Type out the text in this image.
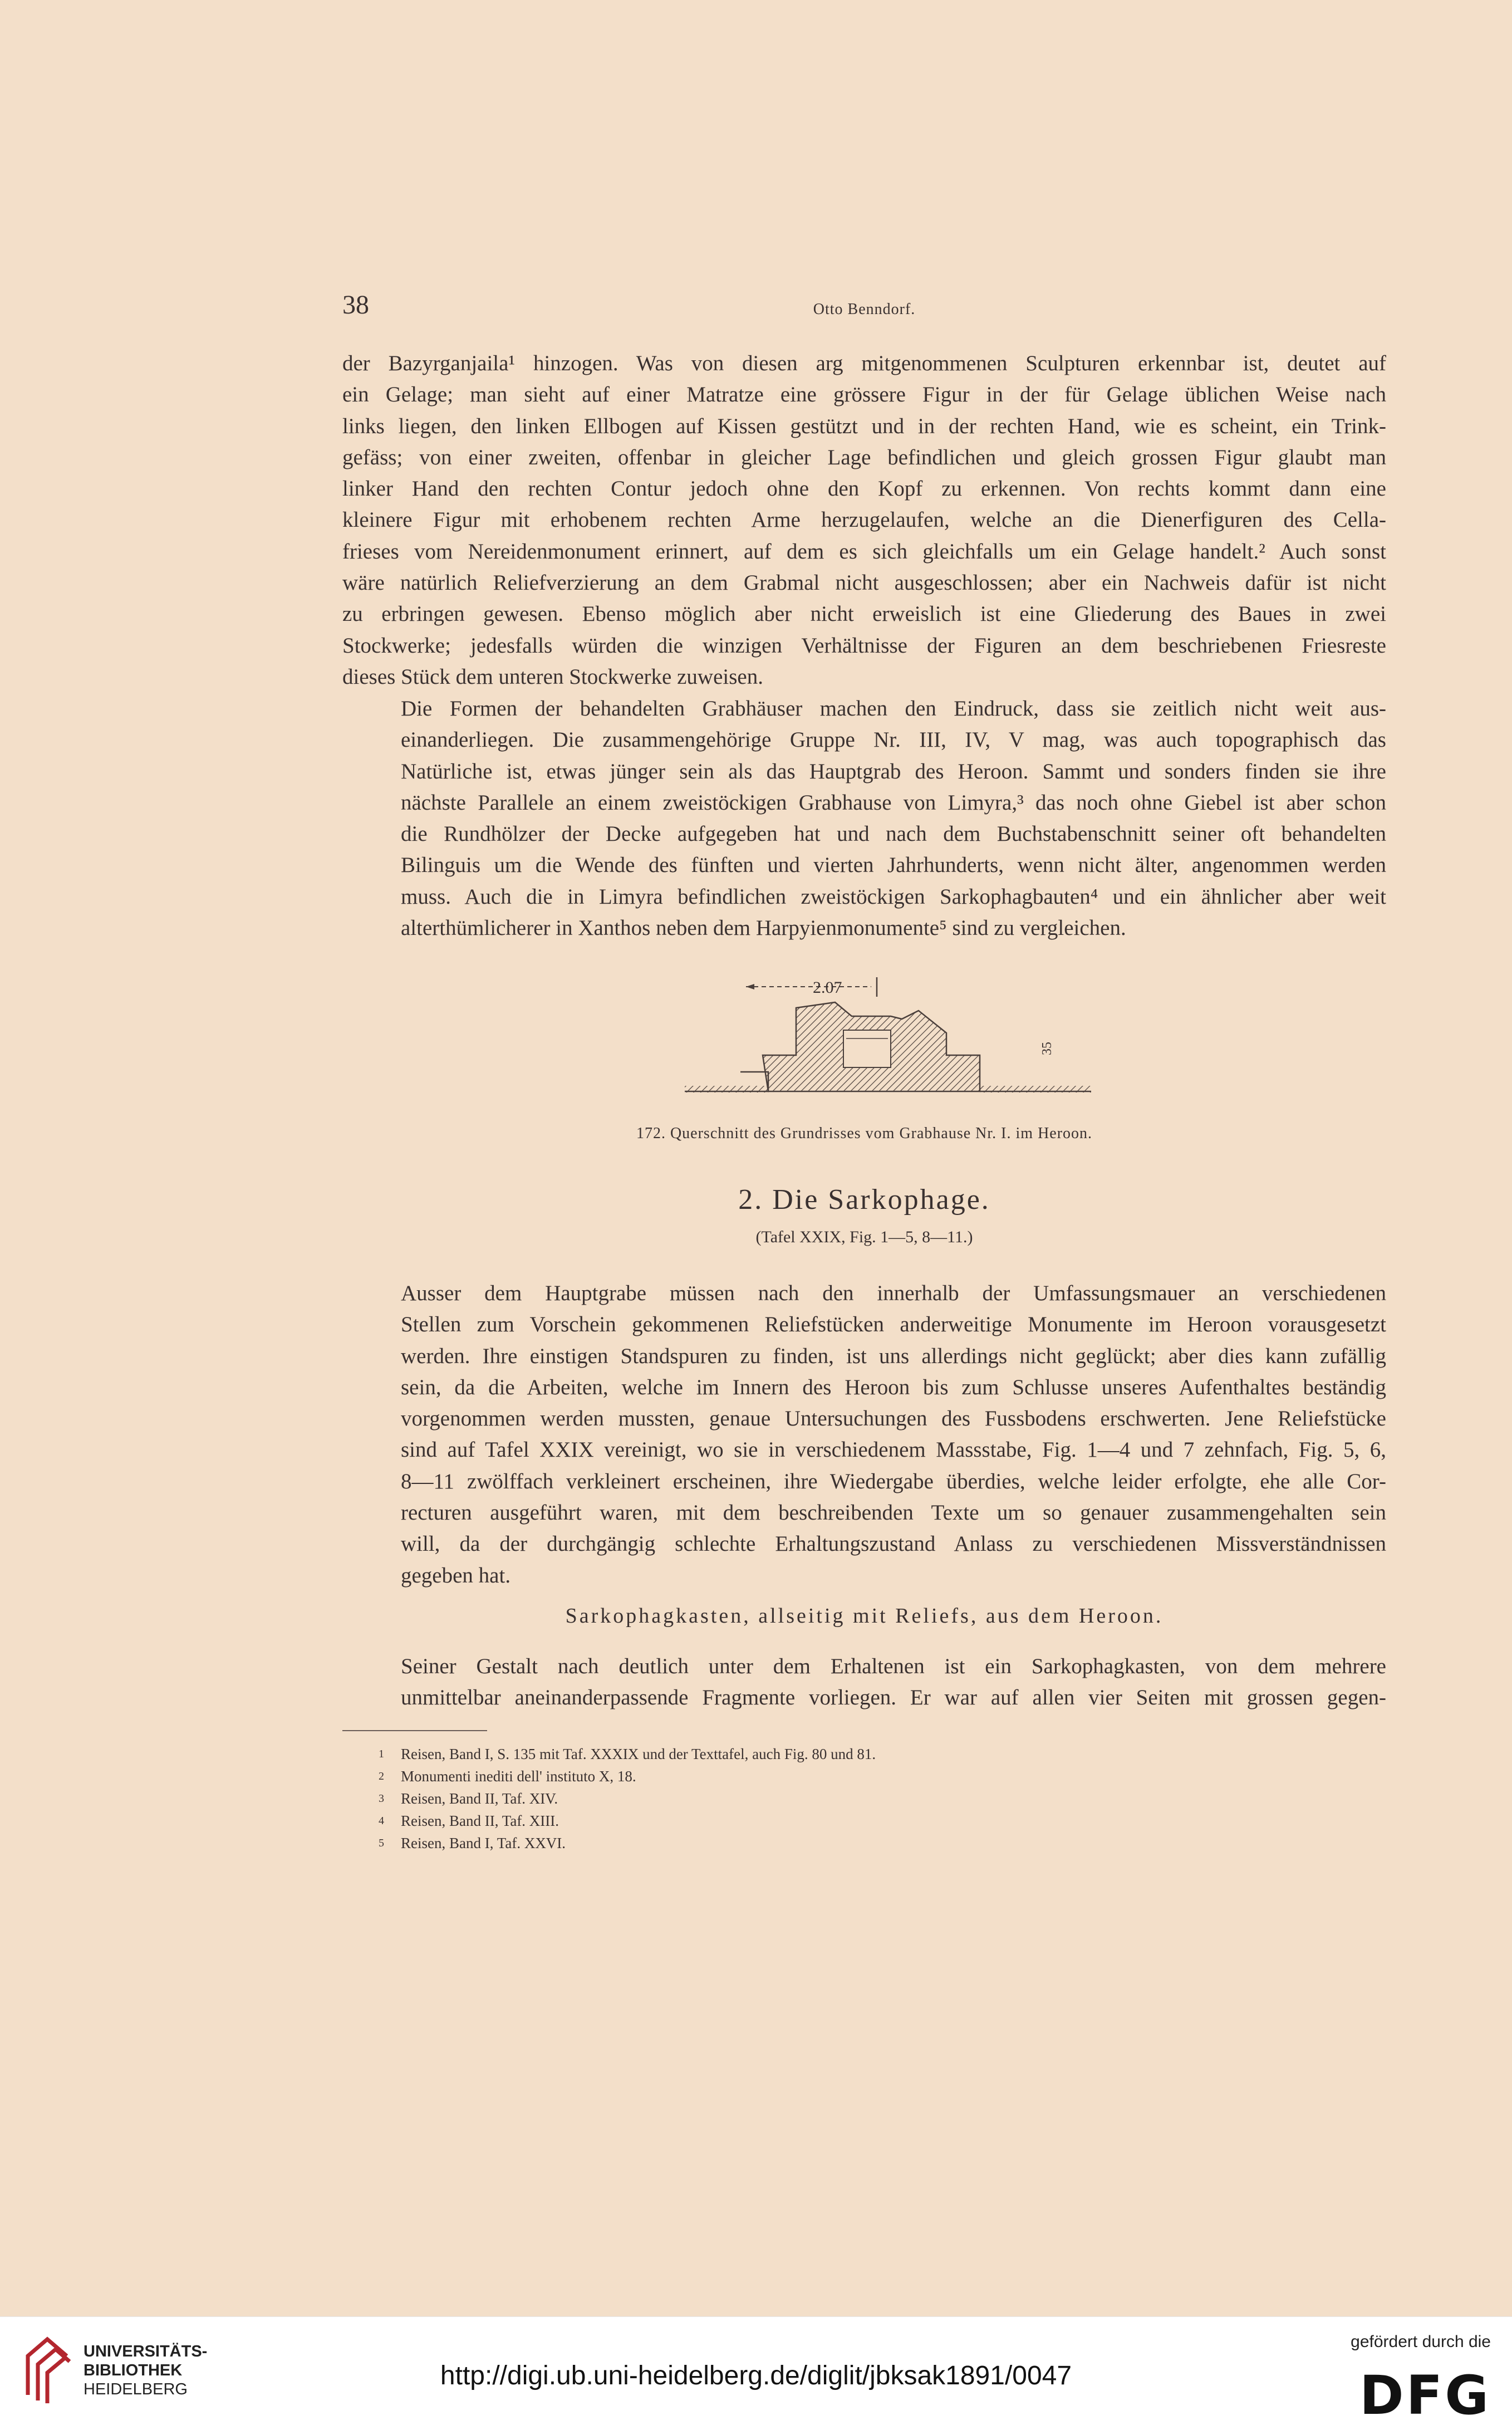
38	Otto Benndorf.

der Bazyrganjaila¹ hinzogen. Was von diesen arg mitgenommenen Sculpturen erkennbar ist, deutet auf
ein Gelage; man sieht auf einer Matratze eine grössere Figur in der für Gelage üblichen Weise nach
links liegen, den linken Ellbogen auf Kissen gestützt und in der rechten Hand, wie es scheint, ein Trink-
gefäss; von einer zweiten, offenbar in gleicher Lage befindlichen und gleich grossen Figur glaubt man
linker Hand den rechten Contur jedoch ohne den Kopf zu erkennen. Von rechts kommt dann eine
kleinere Figur mit erhobenem rechten Arme herzugelaufen, welche an die Dienerfiguren des Cella-
frieses vom Nereidenmonument erinnert, auf dem es sich gleichfalls um ein Gelage handelt.² Auch sonst
wäre natürlich Reliefverzierung an dem Grabmal nicht ausgeschlossen; aber ein Nachweis dafür ist nicht
zu erbringen gewesen. Ebenso möglich aber nicht erweislich ist eine Gliederung des Baues in zwei
Stockwerke; jedesfalls würden die winzigen Verhältnisse der Figuren an dem beschriebenen Friesreste
dieses Stück dem unteren Stockwerke zuweisen.

Die Formen der behandelten Grabhäuser machen den Eindruck, dass sie zeitlich nicht weit aus-
einanderliegen. Die zusammengehörige Gruppe Nr. III, IV, V mag, was auch topographisch das
Natürliche ist, etwas jünger sein als das Hauptgrab des Heroon. Sammt und sonders finden sie ihre
nächste Parallele an einem zweistöckigen Grabhause von Limyra,³ das noch ohne Giebel ist aber schon
die Rundhölzer der Decke aufgegeben hat und nach dem Buchstabenschnitt seiner oft behandelten
Bilinguis um die Wende des fünften und vierten Jahrhunderts, wenn nicht älter, angenommen werden
muss. Auch die in Limyra befindlichen zweistöckigen Sarkophagbauten⁴ und ein ähnlicher aber weit
alterthümlicherer in Xanthos neben dem Harpyienmonumente⁵ sind zu vergleichen.

2.07
35
172. Querschnitt des Grundrisses vom Grabhause Nr. I. im Heroon.
2. Die Sarkophage.
(Tafel XXIX, Fig. 1—5, 8—11.)

Ausser dem Hauptgrabe müssen nach den innerhalb der Umfassungsmauer an verschiedenen
Stellen zum Vorschein gekommenen Reliefstücken anderweitige Monumente im Heroon vorausgesetzt
werden. Ihre einstigen Standspuren zu finden, ist uns allerdings nicht geglückt; aber dies kann zufällig
sein, da die Arbeiten, welche im Innern des Heroon bis zum Schlusse unseres Aufenthaltes beständig
vorgenommen werden mussten, genaue Untersuchungen des Fussbodens erschwerten. Jene Reliefstücke
sind auf Tafel XXIX vereinigt, wo sie in verschiedenem Massstabe, Fig. 1—4 und 7 zehnfach, Fig. 5, 6,
8—11 zwölffach verkleinert erscheinen, ihre Wiedergabe überdies, welche leider erfolgte, ehe alle Cor-
recturen ausgeführt waren, mit dem beschreibenden Texte um so genauer zusammengehalten sein
will, da der durchgängig schlechte Erhaltungszustand Anlass zu verschiedenen Missverständnissen
gegeben hat.

Sarkophagkasten, allseitig mit Reliefs, aus dem Heroon.

Seiner Gestalt nach deutlich unter dem Erhaltenen ist ein Sarkophagkasten, von dem mehrere
unmittelbar aneinanderpassende Fragmente vorliegen. Er war auf allen vier Seiten mit grossen gegen-

1 Reisen, Band I, S. 135 mit Taf. XXXIX und der Texttafel, auch Fig. 80 und 81.
2 Monumenti inediti dell' instituto X, 18.
3 Reisen, Band II, Taf. XIV.
4 Reisen, Band II, Taf. XIII.
5 Reisen, Band I, Taf. XXVI.
UNIVERSITÄTS-
BIBLIOTHEK
HEIDELBERG	http://digi.ub.uni-heidelberg.de/diglit/jbksak1891/0047
gefördert durch die
DFG
